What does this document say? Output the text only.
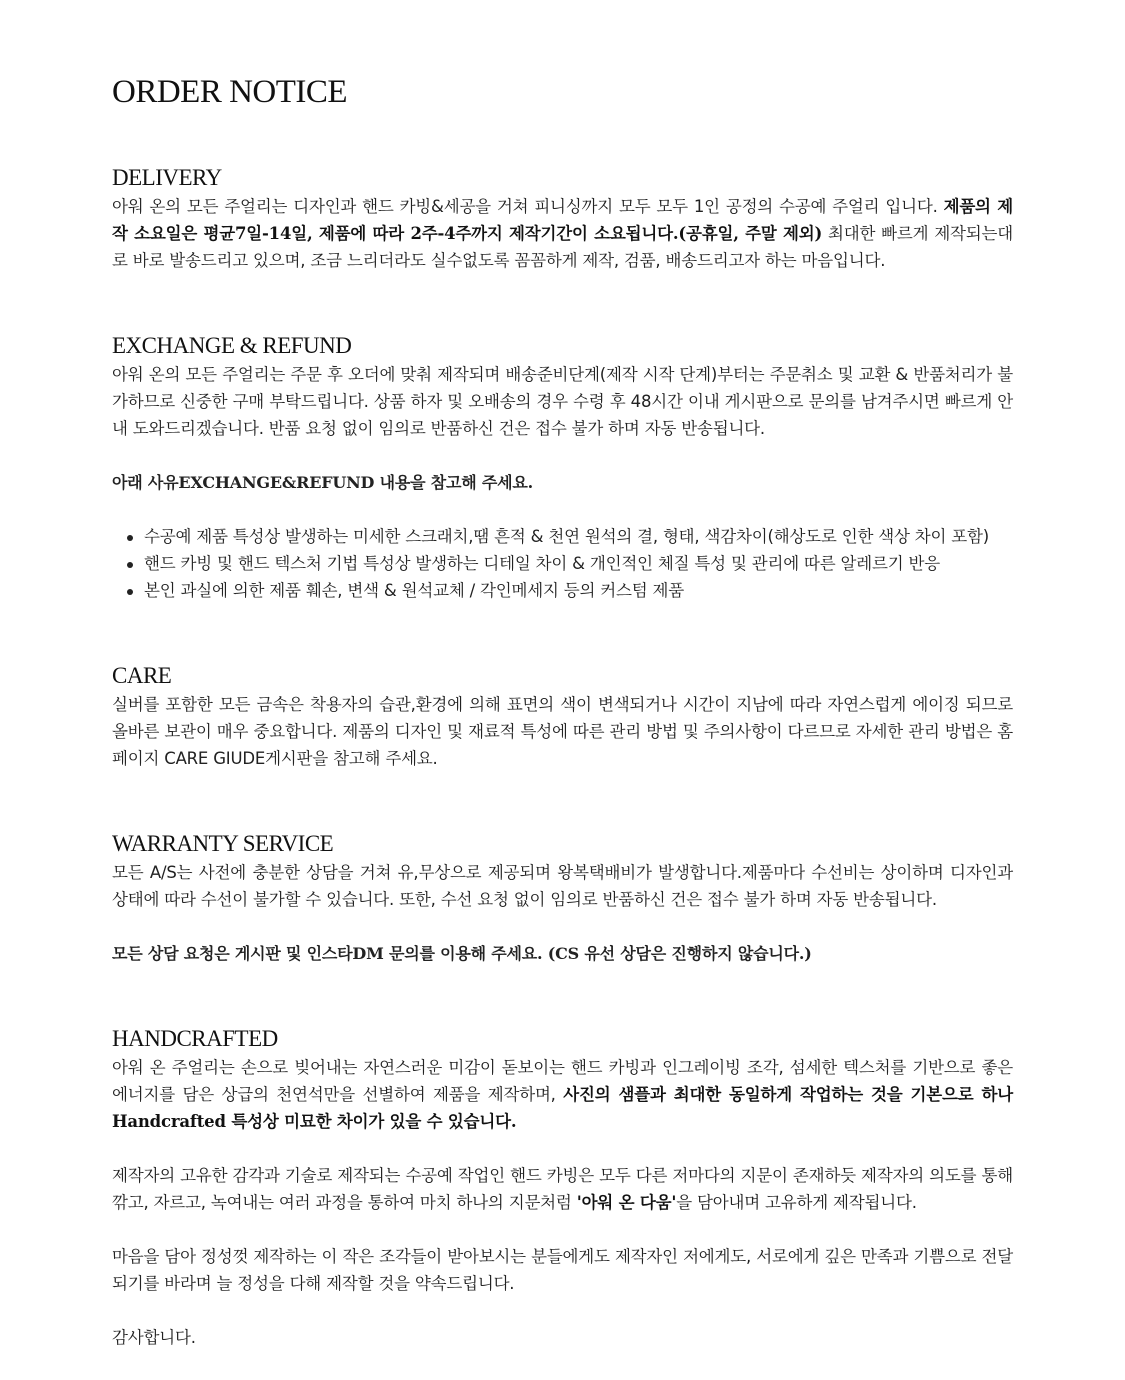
ORDER NOTICE
DELIVERY

아워 온의 모든 주얼리는 디자인과 핸드 카빙&세공을 거쳐 피니싱까지 모두 모두 1인 공정의 수공예 주얼리 입니다. 제품의 제작 소요일은 평균7일-14일, 제품에 따라 2주-4주까지 제작기간이 소요됩니다.(공휴일, 주말 제외) 최대한 빠르게 제작되는대로 바로 발송드리고 있으며, 조금 느리더라도 실수없도록 꼼꼼하게 제작, 검품, 배송드리고자 하는 마음입니다.

EXCHANGE & REFUND

아워 온의 모든 주얼리는 주문 후 오더에 맞춰 제작되며 배송준비단계(제작 시작 단계)부터는 주문취소 및 교환 & 반품처리가 불가하므로 신중한 구매 부탁드립니다. 상품 하자 및 오배송의 경우 수령 후 48시간 이내 게시판으로 문의를 남겨주시면 빠르게 안내 도와드리겠습니다. 반품 요청 없이 임의로 반품하신 건은 접수 불가 하며 자동 반송됩니다.

아래 사유EXCHANGE&REFUND 내용을 참고해 주세요.

수공예 제품 특성상 발생하는 미세한 스크래치,땜 흔적 & 천연 원석의 결, 형태, 색감차이(해상도로 인한 색상 차이 포함)
핸드 카빙 및 핸드 텍스처 기법 특성상 발생하는 디테일 차이 & 개인적인 체질 특성 및 관리에 따른 알레르기 반응
본인 과실에 의한 제품 훼손, 변색 & 원석교체 / 각인메세지 등의 커스텀 제품
CARE

실버를 포함한 모든 금속은 착용자의 습관,환경에 의해 표면의 색이 변색되거나 시간이 지남에 따라 자연스럽게 에이징 되므로 올바른 보관이 매우 중요합니다. 제품의 디자인 및 재료적 특성에 따른 관리 방법 및 주의사항이 다르므로 자세한 관리 방법은 홈페이지 CARE GIUDE게시판을 참고해 주세요.

WARRANTY SERVICE

모든 A/S는 사전에 충분한 상담을 거쳐 유,무상으로 제공되며 왕복택배비가 발생합니다.제품마다 수선비는 상이하며 디자인과 상태에 따라 수선이 불가할 수 있습니다. 또한, 수선 요청 없이 임의로 반품하신 건은 접수 불가 하며 자동 반송됩니다.

모든 상담 요청은 게시판 및 인스타DM 문의를 이용해 주세요. (CS 유선 상담은 진행하지 않습니다.)

HANDCRAFTED

아워 온 주얼리는 손으로 빚어내는 자연스러운 미감이 돋보이는 핸드 카빙과 인그레이빙 조각, 섬세한 텍스처를 기반으로 좋은 에너지를 담은 상급의 천연석만을 선별하여 제품을 제작하며, 사진의 샘플과 최대한 동일하게 작업하는 것을 기본으로 하나 Handcrafted 특성상 미묘한 차이가 있을 수 있습니다.

제작자의 고유한 감각과 기술로 제작되는 수공예 작업인 핸드 카빙은 모두 다른 저마다의 지문이 존재하듯 제작자의 의도를 통해 깎고, 자르고, 녹여내는 여러 과정을 통하여 마치 하나의 지문처럼 '아워 온 다움'을 담아내며 고유하게 제작됩니다.

마음을 담아 정성껏 제작하는 이 작은 조각들이 받아보시는 분들에게도 제작자인 저에게도, 서로에게 깊은 만족과 기쁨으로 전달되기를 바라며 늘 정성을 다해 제작할 것을 약속드립니다.

감사합니다.
